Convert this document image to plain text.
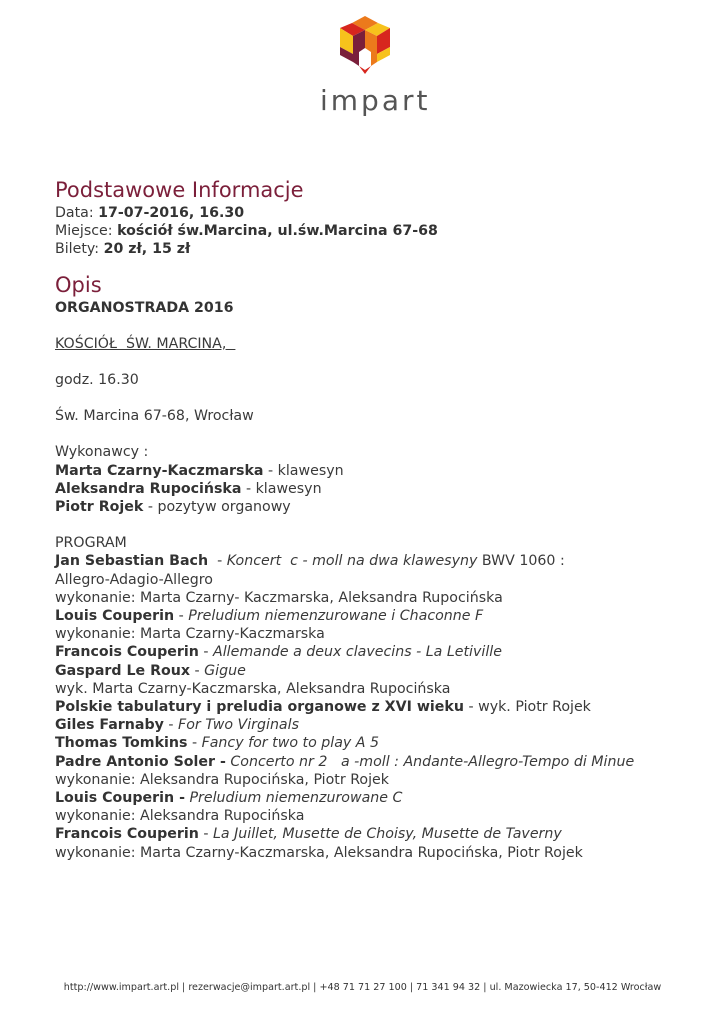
impart
Podstawowe Informacje
Data: 17-07-2016, 16.30
Miejsce: kościół św.Marcina, ul.św.Marcina 67-68
Bilety: 20 zł, 15 zł
Opis
ORGANOSTRADA 2016
KOŚCIÓŁ  ŚW. MARCINA,
godz. 16.30
Św. Marcina 67-68, Wrocław
Wykonawcy :
Marta Czarny-Kaczmarska - klawesyn
Aleksandra Rupocińska - klawesyn
Piotr Rojek - pozytyw organowy
PROGRAM
Jan Sebastian Bach  - Koncert  c - moll na dwa klawesyny BWV 1060 :
Allegro-Adagio-Allegro
wykonanie: Marta Czarny- Kaczmarska, Aleksandra Rupocińska
Louis Couperin - Preludium niemenzurowane i Chaconne F
wykonanie: Marta Czarny-Kaczmarska
Francois Couperin - Allemande a deux clavecins - La Letiville
Gaspard Le Roux - Gigue
wyk. Marta Czarny-Kaczmarska, Aleksandra Rupocińska
Polskie tabulatury i preludia organowe z XVI wieku - wyk. Piotr Rojek
Giles Farnaby - For Two Virginals
Thomas Tomkins - Fancy for two to play A 5
Padre Antonio Soler - Concerto nr 2   a -moll : Andante-Allegro-Tempo di Minue
wykonanie: Aleksandra Rupocińska, Piotr Rojek
Louis Couperin - Preludium niemenzurowane C
wykonanie: Aleksandra Rupocińska
Francois Couperin - La Juillet, Musette de Choisy, Musette de Taverny
wykonanie: Marta Czarny-Kaczmarska, Aleksandra Rupocińska, Piotr Rojek
http://www.impart.art.pl | rezerwacje@impart.art.pl | +48 71 71 27 100 | 71 341 94 32 | ul. Mazowiecka 17, 50-412 Wrocław
